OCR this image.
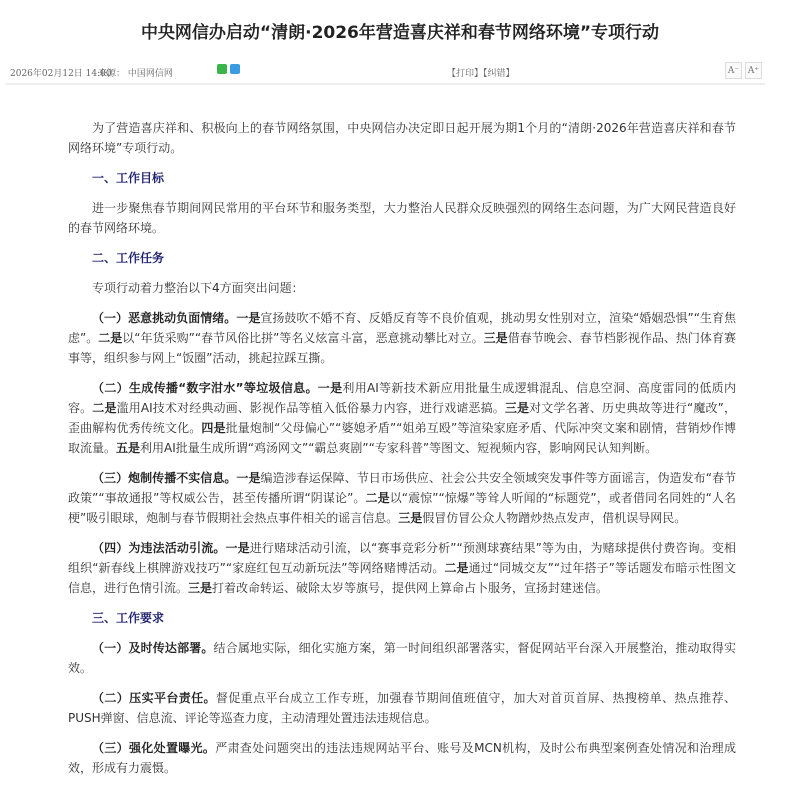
中央网信办启动“清朗·2026年营造喜庆祥和春节网络环境”专项行动
2026年02月12日 14:00
来源： 中国网信网	【打印】【纠错】	A⁻ A⁺

为了营造喜庆祥和、积极向上的春节网络氛围，中央网信办决定即日起开展为期1个月的“清朗·2026年营造喜庆祥和春节网络环境”专项行动。

一、工作目标

进一步聚焦春节期间网民常用的平台环节和服务类型，大力整治人民群众反映强烈的网络生态问题，为广大网民营造良好的春节网络环境。

二、工作任务

专项行动着力整治以下4方面突出问题：

（一）恶意挑动负面情绪。一是宣扬鼓吹不婚不育、反婚反育等不良价值观，挑动男女性别对立，渲染“婚姻恐惧”“生育焦虑”。二是以“年货采购”“春节风俗比拼”等名义炫富斗富，恶意挑动攀比对立。三是借春节晚会、春节档影视作品、热门体育赛事等，组织参与网上“饭圈”活动，挑起拉踩互撕。

（二）生成传播“数字泔水”等垃圾信息。一是利用AI等新技术新应用批量生成逻辑混乱、信息空洞、高度雷同的低质内容。二是滥用AI技术对经典动画、影视作品等植入低俗暴力内容，进行戏谑恶搞。三是对文学名著、历史典故等进行“魔改”，歪曲解构优秀传统文化。四是批量炮制“父母偏心”“婆媳矛盾”“姐弟互殴”等渲染家庭矛盾、代际冲突文案和剧情，营销炒作博取流量。五是利用AI批量生成所谓“鸡汤网文”“霸总爽剧”“专家科普”等图文、短视频内容，影响网民认知判断。

（三）炮制传播不实信息。一是编造涉春运保障、节日市场供应、社会公共安全领域突发事件等方面谣言，伪造发布“春节政策”“事故通报”等权威公告，甚至传播所谓“阴谋论”。二是以“震惊”“惊爆”等耸人听闻的“标题党”，或者借同名同姓的“人名梗”吸引眼球，炮制与春节假期社会热点事件相关的谣言信息。三是假冒仿冒公众人物蹭炒热点发声，借机误导网民。

（四）为违法活动引流。一是进行赌球活动引流，以“赛事竞彩分析”“预测球赛结果”等为由，为赌球提供付费咨询。变相组织“新春线上棋牌游戏技巧”“家庭红包互动新玩法”等网络赌博活动。二是通过“同城交友”“过年搭子”等话题发布暗示性图文信息，进行色情引流。三是打着改命转运、破除太岁等旗号，提供网上算命占卜服务，宣扬封建迷信。

三、工作要求

（一）及时传达部署。结合属地实际，细化实施方案，第一时间组织部署落实，督促网站平台深入开展整治，推动取得实效。

（二）压实平台责任。督促重点平台成立工作专班，加强春节期间值班值守，加大对首页首屏、热搜榜单、热点推荐、PUSH弹窗、信息流、评论等巡查力度，主动清理处置违法违规信息。

（三）强化处置曝光。严肃查处问题突出的违法违规网站平台、账号及MCN机构，及时公布典型案例查处情况和治理成效，形成有力震慑。
